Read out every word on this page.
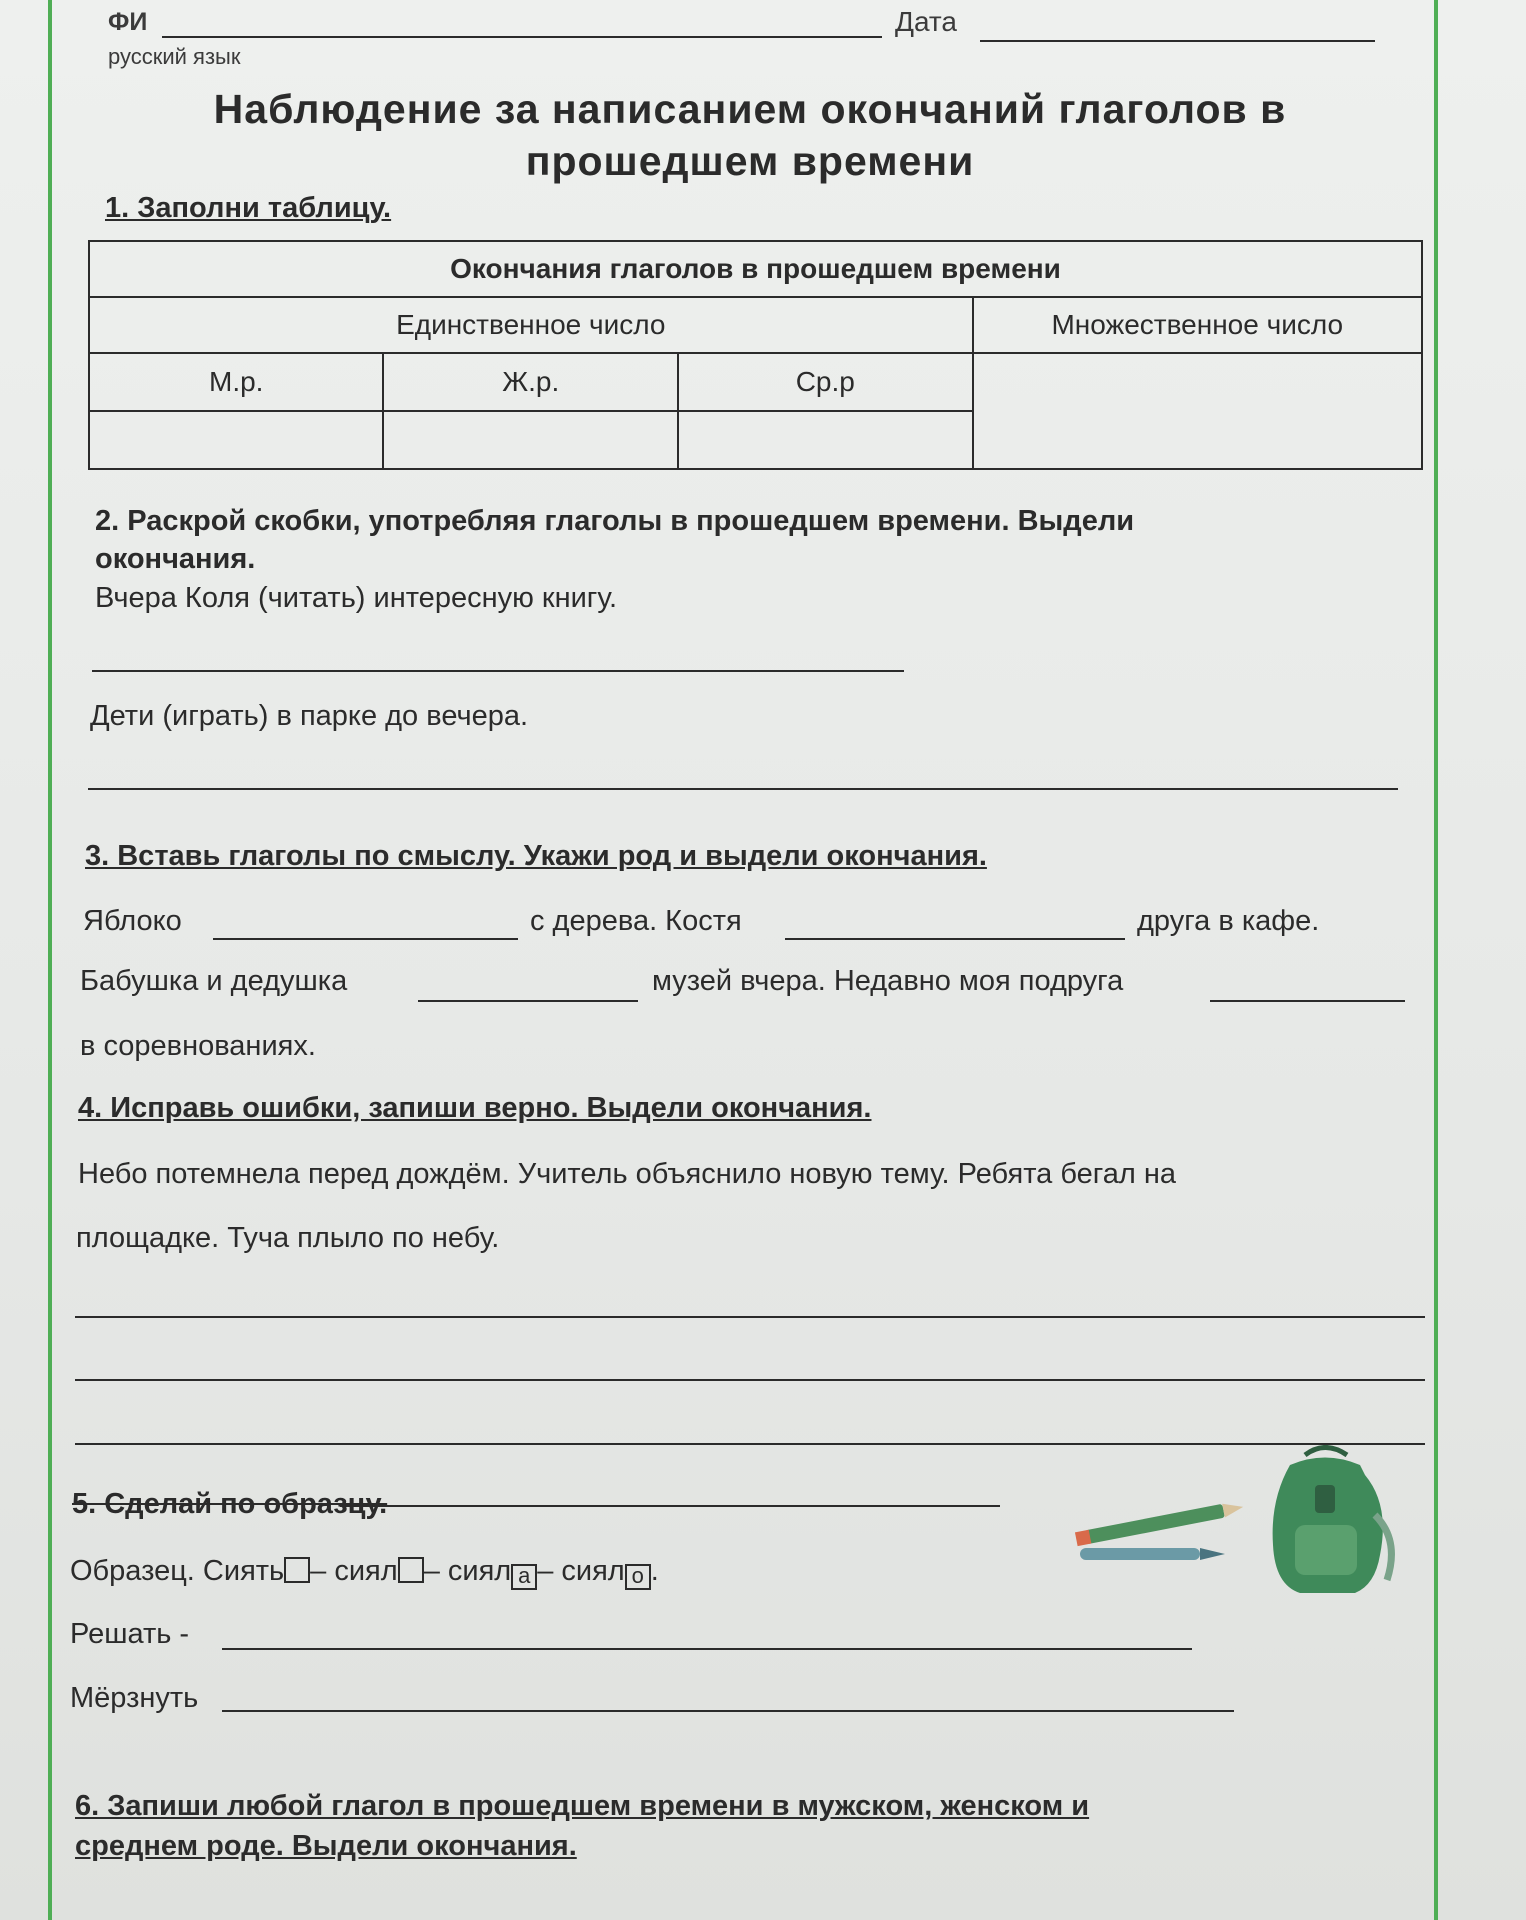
ФИ	Дата
русский язык
Наблюдение за написанием окончаний глаголов в
прошедшем времени
1. Заполни таблицу.
Окончания глаголов в прошедшем времени			
Единственное число			Множественное число
М.р.	Ж.р.	Ср.р	

2. Раскрой скобки, употребляя глаголы в прошедшем времени. Выдели
окончания.
Вчера Коля (читать) интересную книгу.
Дети (играть) в парке до вечера.
3. Вставь глаголы по смыслу. Укажи род и выдели окончания.
Яблоко	с дерева. Костя	друга в кафе.
Бабушка и дедушка	музей вчера. Недавно моя подруга
в соревнованиях.
4. Исправь ошибки, запиши верно. Выдели окончания.
Небо потемнела перед дождём. Учитель объяснило новую тему. Ребята бегал на
площадке. Туча плыло по небу.
5. Сделай по образцу.
Образец. Сиять – сиял – сиял а – сиял о .
Решать -
Мёрзнуть
6. Запиши любой глагол в прошедшем времени в мужском, женском и
среднем роде. Выдели окончания.
